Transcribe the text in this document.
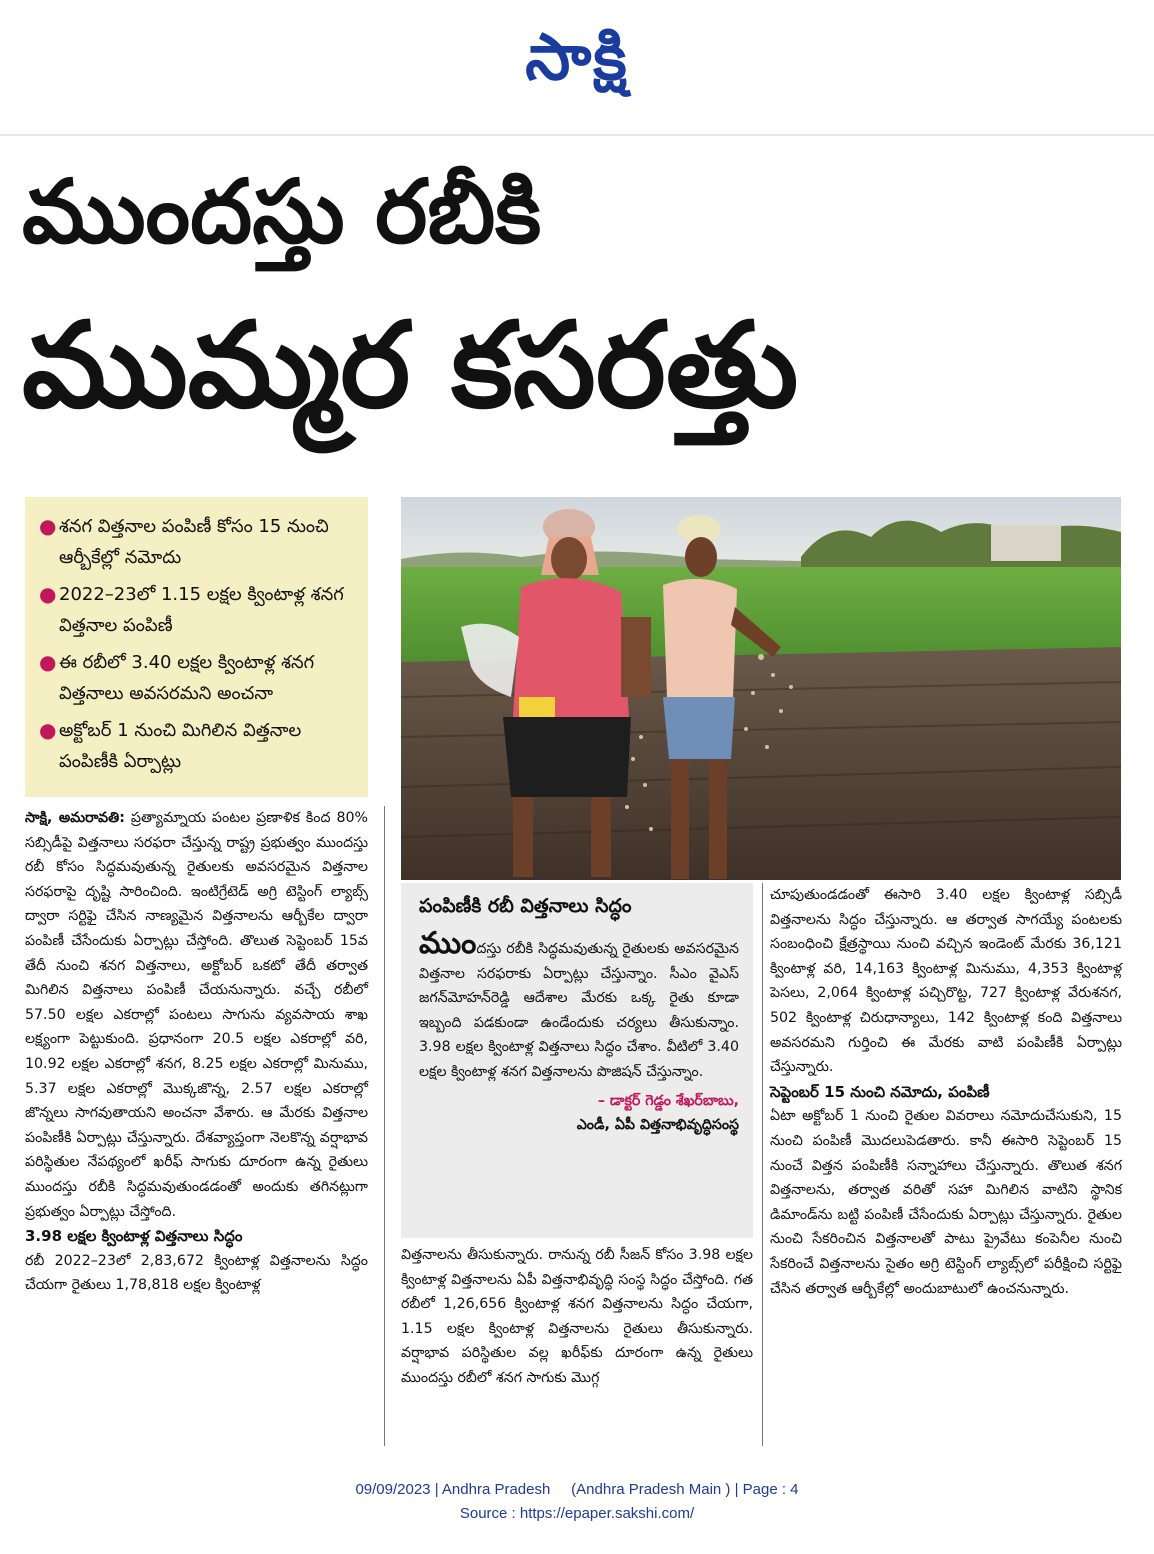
సాక్షి
ముందస్తు రబీకి
ముమ్మర కసరత్తు
● శనగ విత్తనాల పంపిణీ కోసం 15 నుంచి ఆర్బీకేల్లో నమోదు
● 2022–23లో 1.15 లక్షల క్వింటాళ్ల శనగ విత్తనాల పంపిణీ
● ఈ రబీలో 3.40 లక్షల క్వింటాళ్ల శనగ విత్తనాలు అవసరమని అంచనా
● అక్టోబర్ 1 నుంచి మిగిలిన విత్తనాల పంపిణీకి ఏర్పాట్లు

సాక్షి, అమరావతి: ప్రత్యామ్నాయ పంటల ప్రణాళిక కింద 80% సబ్సిడీపై విత్తనాలు సరఫరా చేస్తున్న రాష్ట్ర ప్రభుత్వం ముందస్తు రబీ కోసం సిద్ధమవుతున్న రైతులకు అవసరమైన విత్తనాల సరఫరాపై దృష్టి సారించింది. ఇంటిగ్రేటెడ్ అగ్రి టెస్టింగ్ ల్యాబ్స్ ద్వారా సర్టిఫై చేసిన నాణ్యమైన విత్తనాలను ఆర్బీకేల ద్వారా పంపిణీ చేసేందుకు ఏర్పాట్లు చేస్తోంది. తొలుత సెప్టెంబర్ 15వ తేదీ నుంచి శనగ విత్తనాలు, అక్టోబర్ ఒకటో తేదీ తర్వాత మిగిలిన విత్తనాలు పంపిణీ చేయనున్నారు. వచ్చే రబీలో 57.50 లక్షల ఎకరాల్లో పంటలు సాగును వ్యవసాయ శాఖ లక్ష్యంగా పెట్టుకుంది. ప్రధానంగా 20.5 లక్షల ఎకరాల్లో వరి, 10.92 లక్షల ఎకరాల్లో శనగ, 8.25 లక్షల ఎకరాల్లో మినుము, 5.37 లక్షల ఎకరాల్లో మొక్కజొన్న, 2.57 లక్షల ఎకరాల్లో జొన్నలు సాగవుతాయని అంచనా వేశారు. ఆ మేరకు విత్తనాల పంపిణీకి ఏర్పాట్లు చేస్తున్నారు. దేశవ్యాప్తంగా నెలకొన్న వర్షాభావ పరిస్థితుల నేపథ్యంలో ఖరీఫ్ సాగుకు దూరంగా ఉన్న రైతులు ముందస్తు రబీకి సిద్ధమవుతుండడంతో అందుకు తగినట్లుగా ప్రభుత్వం ఏర్పాట్లు చేస్తోంది.

3.98 లక్షల క్వింటాళ్ల విత్తనాలు సిద్ధం

రబీ 2022–23లో 2,83,672 క్వింటాళ్ల విత్తనాలను సిద్ధం చేయగా రైతులు 1,78,818 లక్షల క్వింటాళ్ల

పంపిణీకి రబీ విత్తనాలు సిద్ధం
ముందస్తు రబీకి సిద్ధమవుతున్న రైతులకు అవసరమైన విత్తనాల సరఫరాకు ఏర్పాట్లు చేస్తున్నాం. సీఎం వైఎస్ జగన్‌మోహన్‌రెడ్డి ఆదేశాల మేరకు ఒక్క రైతు కూడా ఇబ్బంది పడకుండా ఉండేందుకు చర్యలు తీసుకున్నాం. 3.98 లక్షల క్వింటాళ్ల విత్తనాలు సిద్ధం చేశాం. వీటిలో 3.40 లక్షల క్వింటాళ్ల శనగ విత్తనాలను పొజిషన్ చేస్తున్నాం.
– డాక్టర్ గెడ్డం శేఖర్‌బాబు,
ఎండీ, ఏపీ విత్తనాభివృద్ధిసంస్థ

విత్తనాలను తీసుకున్నారు. రానున్న రబీ సీజన్ కోసం 3.98 లక్షల క్వింటాళ్ల విత్తనాలను ఏపీ విత్తనాభివృద్ధి సంస్థ సిద్ధం చేస్తోంది. గత రబీలో 1,26,656 క్వింటాళ్ల శనగ విత్తనాలను సిద్ధం చేయగా, 1.15 లక్షల క్వింటాళ్ల విత్తనాలను రైతులు తీసుకున్నారు. వర్షాభావ పరిస్థితుల వల్ల ఖరీఫ్‌కు దూరంగా ఉన్న రైతులు ముందస్తు రబీలో శనగ సాగుకు మొగ్గ

చూపుతుండడంతో ఈసారి 3.40 లక్షల క్వింటాళ్ల సబ్సిడీ విత్తనాలను సిద్ధం చేస్తున్నారు. ఆ తర్వాత సాగయ్యే పంటలకు సంబంధించి క్షేత్రస్థాయి నుంచి వచ్చిన ఇండెంట్ మేరకు 36,121 క్వింటాళ్ల వరి, 14,163 క్వింటాళ్ల మినుము, 4,353 క్వింటాళ్ల పెసలు, 2,064 క్వింటాళ్ల పచ్చిరొట్ట, 727 క్వింటాళ్ల వేరుశనగ, 502 క్వింటాళ్ల చిరుధాన్యాలు, 142 క్వింటాళ్ల కంది విత్తనాలు అవసరమని గుర్తించి ఈ మేరకు వాటి పంపిణీకి ఏర్పాట్లు చేస్తున్నారు.

సెప్టెంబర్ 15 నుంచి నమోదు, పంపిణీ

ఏటా అక్టోబర్ 1 నుంచి రైతుల వివరాలు నమోదుచేసుకుని, 15 నుంచి పంపిణీ మొదలుపెడతారు. కానీ ఈసారి సెప్టెంబర్ 15 నుంచే విత్తన పంపిణీకి సన్నాహాలు చేస్తున్నారు. తొలుత శనగ విత్తనాలను, తర్వాత వరితో సహా మిగిలిన వాటిని స్థానిక డిమాండ్‌ను బట్టి పంపిణీ చేసేందుకు ఏర్పాట్లు చేస్తున్నారు. రైతుల నుంచి సేకరించిన విత్తనాలతో పాటు ప్రైవేటు కంపెనీల నుంచి సేకరించే విత్తనాలను సైతం అగ్రి టెస్టింగ్ ల్యాబ్స్‌లో పరీక్షించి సర్టిఫై చేసిన తర్వాత ఆర్బీకేల్లో అందుబాటులో ఉంచనున్నారు.

09/09/2023 | Andhra Pradesh     (Andhra Pradesh Main ) | Page : 4
Source : https://epaper.sakshi.com/
